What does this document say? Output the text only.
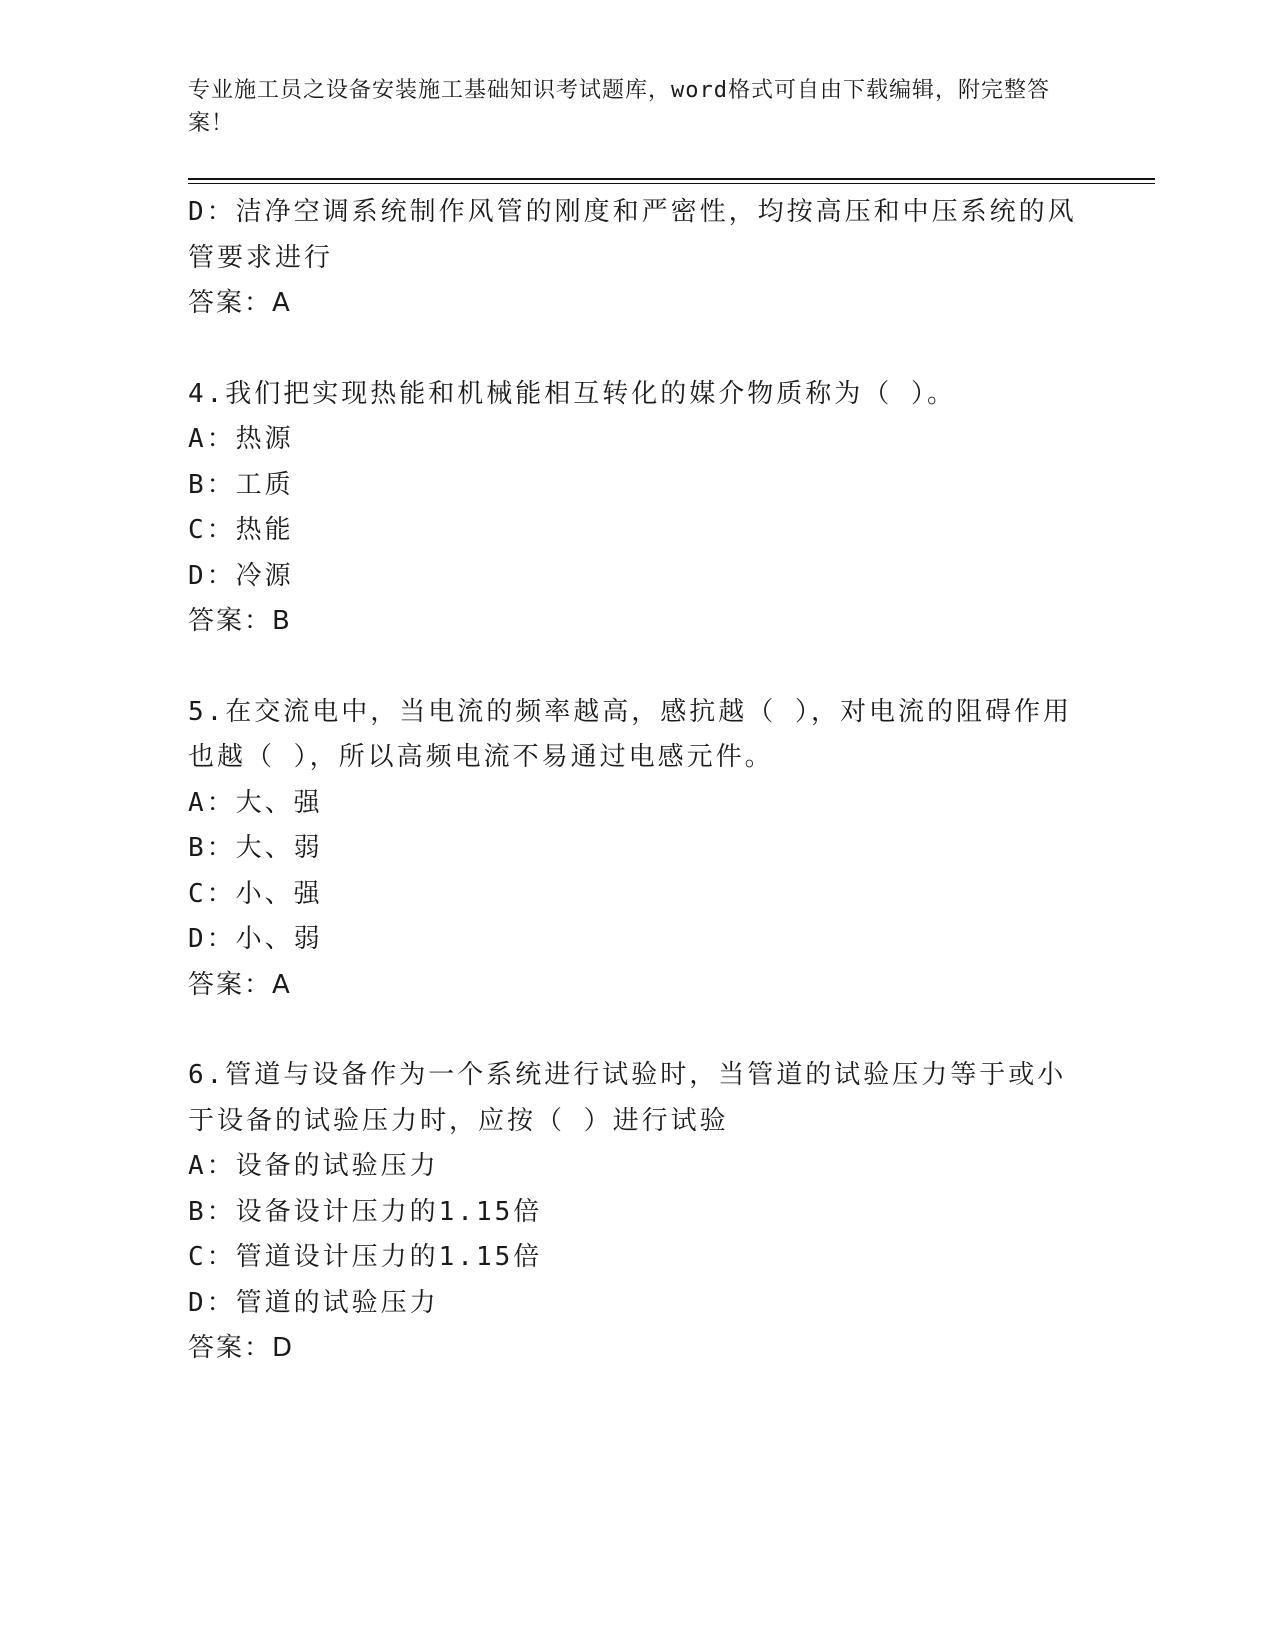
专业施工员之设备安装施工基础知识考试题库，word格式可自由下载编辑，附完整答案！
D：洁净空调系统制作风管的刚度和严密性，均按高压和中压系统的风管要求进行
答案：A
4.我们把实现热能和机械能相互转化的媒介物质称为（ ）。
A：热源
B：工质
C：热能
D：冷源
答案：B
5.在交流电中，当电流的频率越高，感抗越（ ），对电流的阻碍作用也越（ ），所以高频电流不易通过电感元件。
A：大、强
B：大、弱
C：小、强
D：小、弱
答案：A
6.管道与设备作为一个系统进行试验时，当管道的试验压力等于或小于设备的试验压力时，应按（ ）进行试验
A：设备的试验压力
B：设备设计压力的1.15倍
C：管道设计压力的1.15倍
D：管道的试验压力
答案：D
